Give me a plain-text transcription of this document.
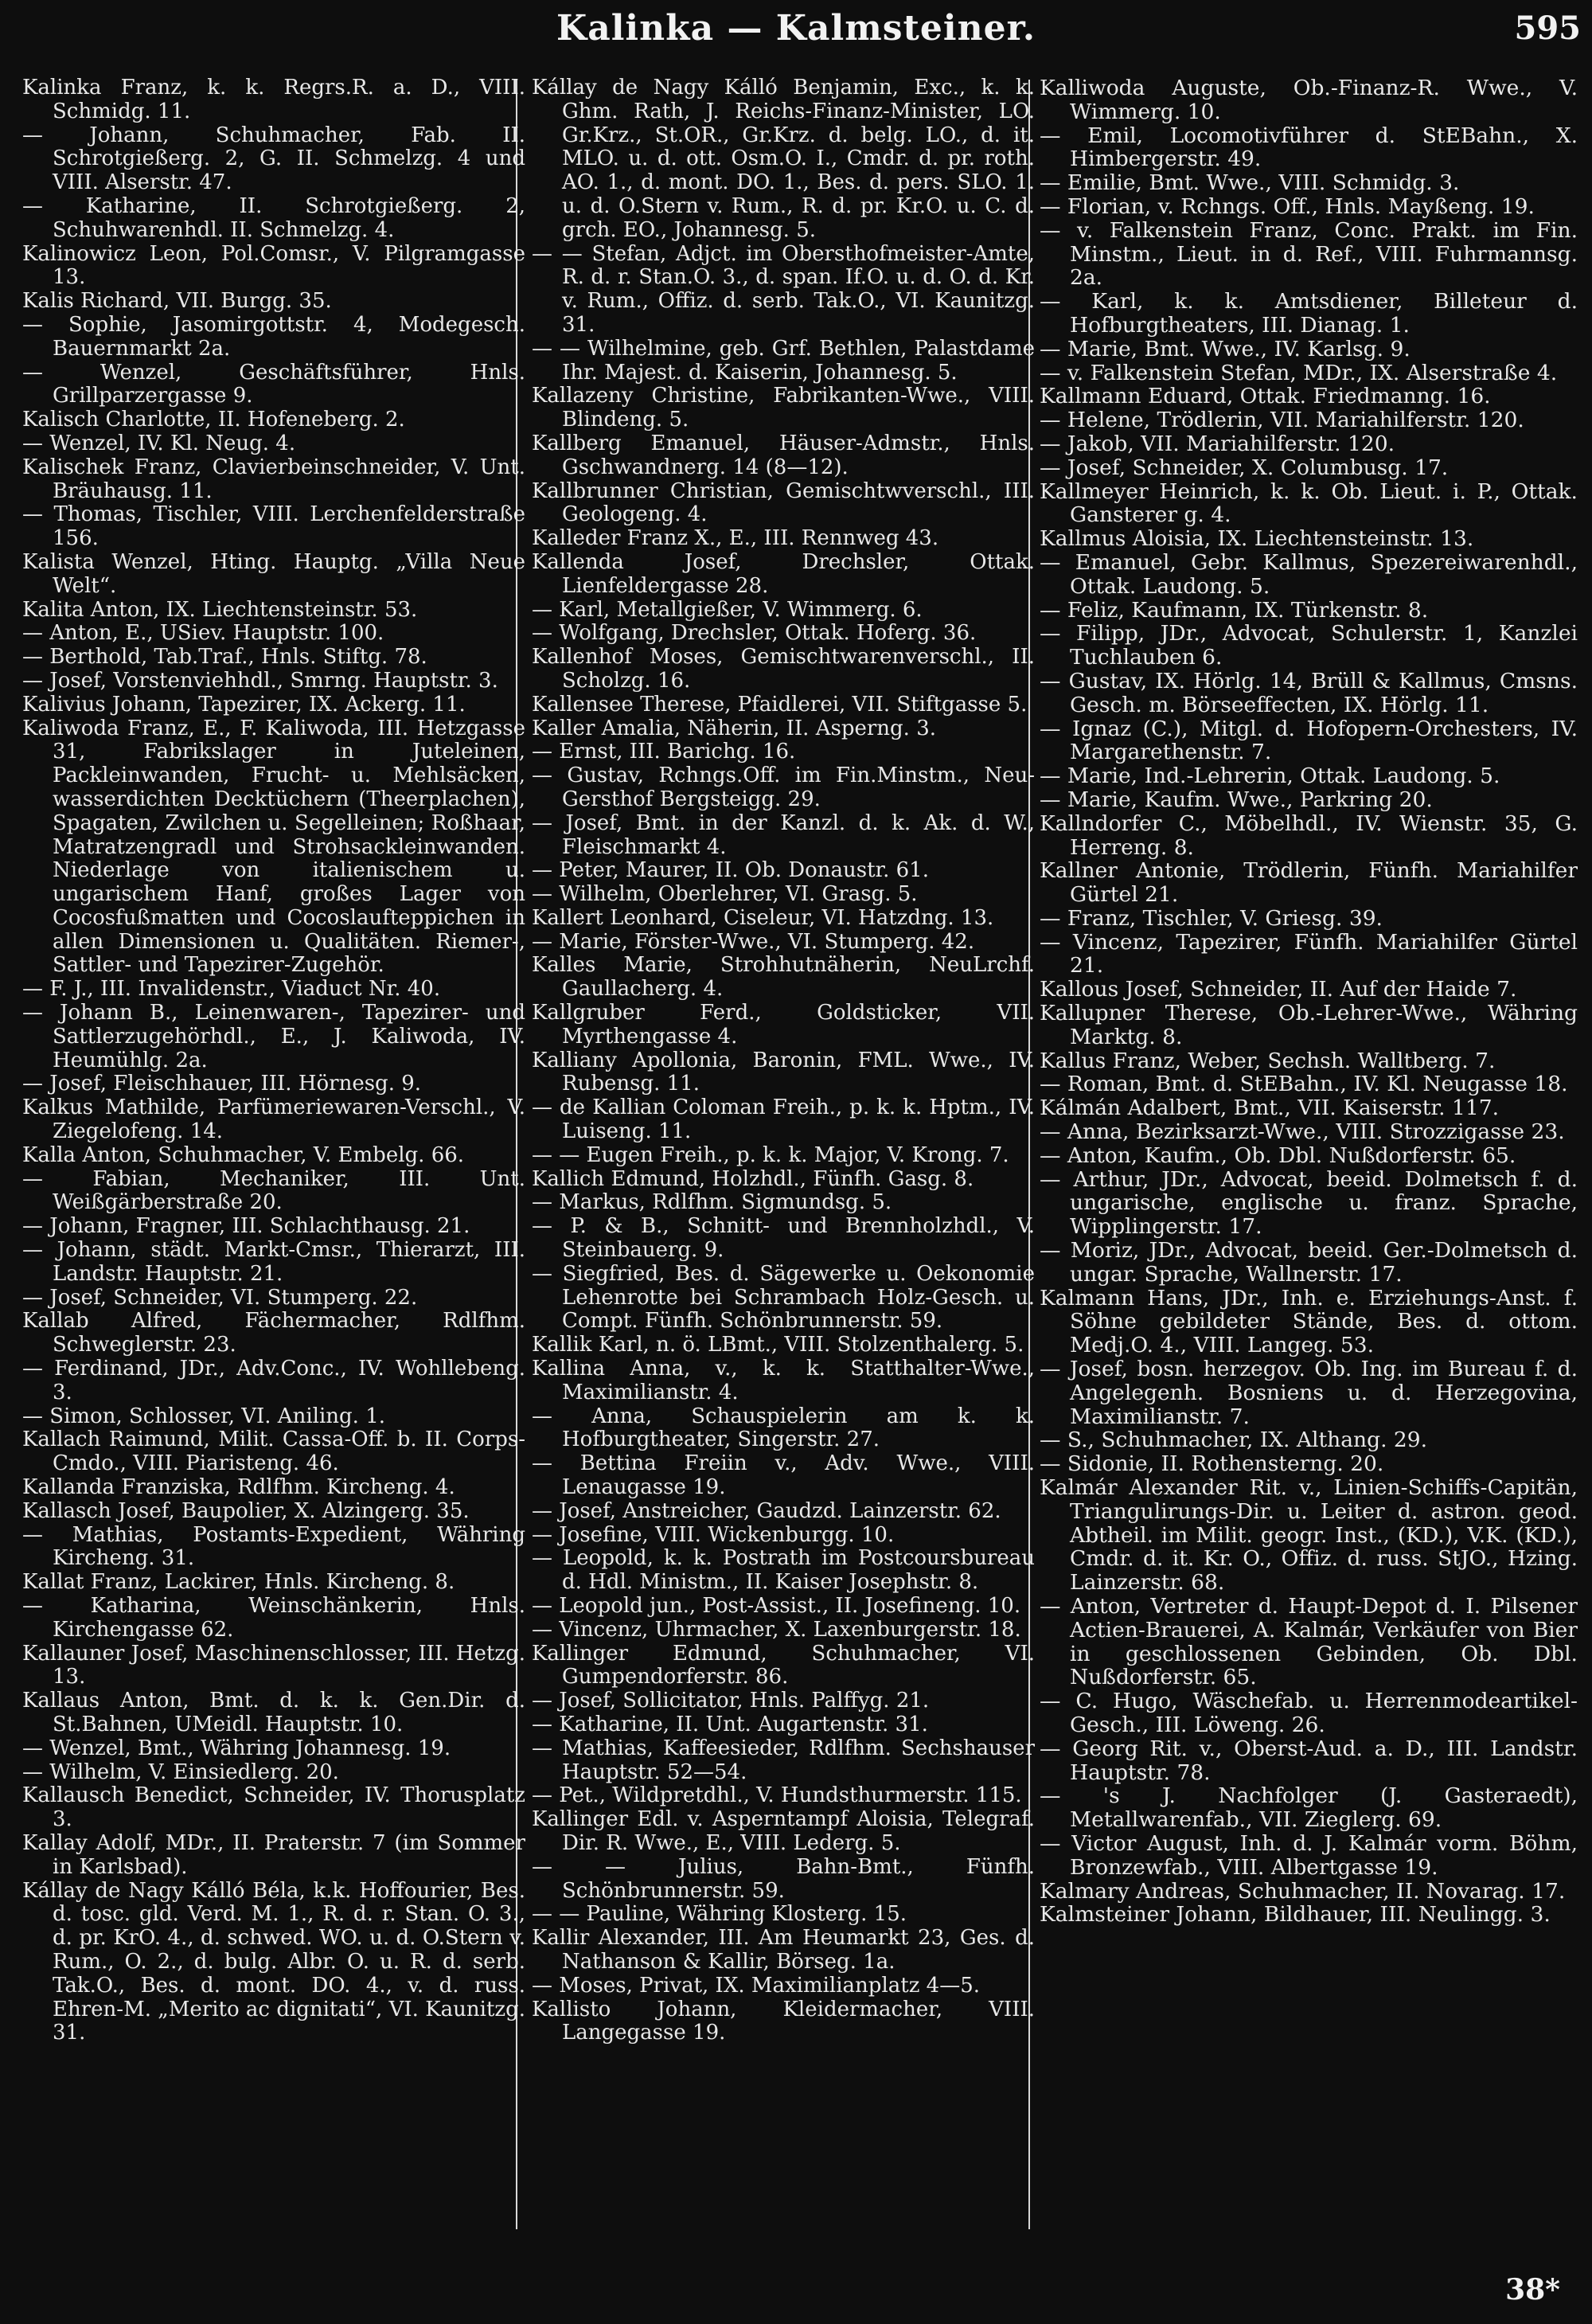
Kalinka — Kalmsteiner.	595

Kalinka Franz, k. k. Regrs.R. a. D., VIII. Schmidg. 11.

— Johann, Schuhmacher, Fab. II. Schrotgießerg. 2, G. II. Schmelzg. 4 und VIII. Alserstr. 47.

— Katharine, II. Schrotgießerg. 2, Schuhwarenhdl. II. Schmelzg. 4.

Kalinowicz Leon, Pol.Comsr., V. Pilgramgasse 13.

Kalis Richard, VII. Burgg. 35.

— Sophie, Jasomirgottstr. 4, Modegesch. Bauernmarkt 2a.

— Wenzel, Geschäftsführer, Hnls. Grillparzergasse 9.

Kalisch Charlotte, II. Hofeneberg. 2.

— Wenzel, IV. Kl. Neug. 4.

Kalischek Franz, Clavierbeinschneider, V. Unt. Bräuhausg. 11.

— Thomas, Tischler, VIII. Lerchenfelderstraße 156.

Kalista Wenzel, Hting. Hauptg. „Villa Neue Welt“.

Kalita Anton, IX. Liechtensteinstr. 53.

— Anton, E., USiev. Hauptstr. 100.

— Berthold, Tab.Traf., Hnls. Stiftg. 78.

— Josef, Vorstenviehhdl., Smrng. Hauptstr. 3.

Kalivius Johann, Tapezirer, IX. Ackerg. 11.

Kaliwoda Franz, E., F. Kaliwoda, III. Hetzgasse 31, Fabrikslager in Juteleinen, Packleinwanden, Frucht- u. Mehlsäcken, wasserdichten Decktüchern (Theerplachen), Spagaten, Zwilchen u. Segelleinen; Roßhaar, Matratzengradl und Strohsackleinwanden. Niederlage von italienischem u. ungarischem Hanf, großes Lager von Cocosfußmatten und Cocoslaufteppichen in allen Dimensionen u. Qualitäten. Riemer-, Sattler- und Tapezirer-Zugehör.

— F. J., III. Invalidenstr., Viaduct Nr. 40.

— Johann B., Leinenwaren-, Tapezirer- und Sattlerzugehörhdl., E., J. Kaliwoda, IV. Heumühlg. 2a.

— Josef, Fleischhauer, III. Hörnesg. 9.

Kalkus Mathilde, Parfümeriewaren-Verschl., V. Ziegelofeng. 14.

Kalla Anton, Schuhmacher, V. Embelg. 66.

— Fabian, Mechaniker, III. Unt. Weißgärberstraße 20.

— Johann, Fragner, III. Schlachthausg. 21.

— Johann, städt. Markt-Cmsr., Thierarzt, III. Landstr. Hauptstr. 21.

— Josef, Schneider, VI. Stumperg. 22.

Kallab Alfred, Fächermacher, Rdlfhm. Schweglerstr. 23.

— Ferdinand, JDr., Adv.Conc., IV. Wohllebeng. 3.

— Simon, Schlosser, VI. Aniling. 1.

Kallach Raimund, Milit. Cassa-Off. b. II. Corps-Cmdo., VIII. Piaristeng. 46.

Kallanda Franziska, Rdlfhm. Kircheng. 4.

Kallasch Josef, Baupolier, X. Alzingerg. 35.

— Mathias, Postamts-Expedient, Währing Kircheng. 31.

Kallat Franz, Lackirer, Hnls. Kircheng. 8.

— Katharina, Weinschänkerin, Hnls. Kirchengasse 62.

Kallauner Josef, Maschinenschlosser, III. Hetzg. 13.

Kallaus Anton, Bmt. d. k. k. Gen.Dir. d. St.Bahnen, UMeidl. Hauptstr. 10.

— Wenzel, Bmt., Währing Johannesg. 19.

— Wilhelm, V. Einsiedlerg. 20.

Kallausch Benedict, Schneider, IV. Thorusplatz 3.

Kallay Adolf, MDr., II. Praterstr. 7 (im Sommer in Karlsbad).

Kállay de Nagy Kálló Béla, k.k. Hoffourier, Bes. d. tosc. gld. Verd. M. 1., R. d. r. Stan. O. 3., d. pr. KrO. 4., d. schwed. WO. u. d. O.Stern v. Rum., O. 2., d. bulg. Albr. O. u. R. d. serb. Tak.O., Bes. d. mont. DO. 4., v. d. russ. Ehren-M. „Merito ac dignitati“, VI. Kaunitzg. 31.

Kállay de Nagy Kálló Benjamin, Exc., k. k. Ghm. Rath, J. Reichs-Finanz-Minister, LO. Gr.Krz., St.OR., Gr.Krz. d. belg. LO., d. it. MLO. u. d. ott. Osm.O. I., Cmdr. d. pr. roth. AO. 1., d. mont. DO. 1., Bes. d. pers. SLO. 1. u. d. O.Stern v. Rum., R. d. pr. Kr.O. u. C. d. grch. EO., Johannesg. 5.

— — Stefan, Adjct. im Obersthofmeister-Amte, R. d. r. Stan.O. 3., d. span. If.O. u. d. O. d. Kr. v. Rum., Offiz. d. serb. Tak.O., VI. Kaunitzg. 31.

— — Wilhelmine, geb. Grf. Bethlen, Palastdame Ihr. Majest. d. Kaiserin, Johannesg. 5.

Kallazeny Christine, Fabrikanten-Wwe., VIII. Blindeng. 5.

Kallberg Emanuel, Häuser-Admstr., Hnls. Gschwandnerg. 14 (8—12).

Kallbrunner Christian, Gemischtwverschl., III. Geologeng. 4.

Kalleder Franz X., E., III. Rennweg 43.

Kallenda Josef, Drechsler, Ottak. Lienfeldergasse 28.

— Karl, Metallgießer, V. Wimmerg. 6.

— Wolfgang, Drechsler, Ottak. Hoferg. 36.

Kallenhof Moses, Gemischtwarenverschl., II. Scholzg. 16.

Kallensee Therese, Pfaidlerei, VII. Stiftgasse 5.

Kaller Amalia, Näherin, II. Asperng. 3.

— Ernst, III. Barichg. 16.

— Gustav, Rchngs.Off. im Fin.Minstm., Neu-Gersthof Bergsteigg. 29.

— Josef, Bmt. in der Kanzl. d. k. Ak. d. W., Fleischmarkt 4.

— Peter, Maurer, II. Ob. Donaustr. 61.

— Wilhelm, Oberlehrer, VI. Grasg. 5.

Kallert Leonhard, Ciseleur, VI. Hatzdng. 13.

— Marie, Förster-Wwe., VI. Stumperg. 42.

Kalles Marie, Strohhutnäherin, NeuLrchf. Gaullacherg. 4.

Kallgruber Ferd., Goldsticker, VII. Myrthengasse 4.

Kalliany Apollonia, Baronin, FML. Wwe., IV. Rubensg. 11.

— de Kallian Coloman Freih., p. k. k. Hptm., IV. Luiseng. 11.

— — Eugen Freih., p. k. k. Major, V. Krong. 7.

Kallich Edmund, Holzhdl., Fünfh. Gasg. 8.

— Markus, Rdlfhm. Sigmundsg. 5.

— P. & B., Schnitt- und Brennholzhdl., V. Steinbauerg. 9.

— Siegfried, Bes. d. Sägewerke u. Oekonomie Lehenrotte bei Schrambach Holz-Gesch. u. Compt. Fünfh. Schönbrunnerstr. 59.

Kallik Karl, n. ö. LBmt., VIII. Stolzenthalerg. 5.

Kallina Anna, v., k. k. Statthalter-Wwe., Maximilianstr. 4.

— Anna, Schauspielerin am k. k. Hofburgtheater, Singerstr. 27.

— Bettina Freiin v., Adv. Wwe., VIII. Lenaugasse 19.

— Josef, Anstreicher, Gaudzd. Lainzerstr. 62.

— Josefine, VIII. Wickenburgg. 10.

— Leopold, k. k. Postrath im Postcoursbureau d. Hdl. Ministm., II. Kaiser Josephstr. 8.

— Leopold jun., Post-Assist., II. Josefineng. 10.

— Vincenz, Uhrmacher, X. Laxenburgerstr. 18.

Kallinger Edmund, Schuhmacher, VI. Gumpendorferstr. 86.

— Josef, Sollicitator, Hnls. Palffyg. 21.

— Katharine, II. Unt. Augartenstr. 31.

— Mathias, Kaffeesieder, Rdlfhm. Sechshauser Hauptstr. 52—54.

— Pet., Wildpretdhl., V. Hundsthurmerstr. 115.

Kallinger Edl. v. Asperntampf Aloisia, Telegraf. Dir. R. Wwe., E., VIII. Lederg. 5.

— — Julius, Bahn-Bmt., Fünfh. Schönbrunnerstr. 59.

— — Pauline, Währing Klosterg. 15.

Kallir Alexander, III. Am Heumarkt 23, Ges. d. Nathanson & Kallir, Börseg. 1a.

— Moses, Privat, IX. Maximilianplatz 4—5.

Kallisto Johann, Kleidermacher, VIII. Langegasse 19.

Kalliwoda Auguste, Ob.-Finanz-R. Wwe., V. Wimmerg. 10.

— Emil, Locomotivführer d. StEBahn., X. Himbergerstr. 49.

— Emilie, Bmt. Wwe., VIII. Schmidg. 3.

— Florian, v. Rchngs. Off., Hnls. Mayßeng. 19.

— v. Falkenstein Franz, Conc. Prakt. im Fin. Minstm., Lieut. in d. Ref., VIII. Fuhrmannsg. 2a.

— Karl, k. k. Amtsdiener, Billeteur d. Hofburgtheaters, III. Dianag. 1.

— Marie, Bmt. Wwe., IV. Karlsg. 9.

— v. Falkenstein Stefan, MDr., IX. Alserstraße 4.

Kallmann Eduard, Ottak. Friedmanng. 16.

— Helene, Trödlerin, VII. Mariahilferstr. 120.

— Jakob, VII. Mariahilferstr. 120.

— Josef, Schneider, X. Columbusg. 17.

Kallmeyer Heinrich, k. k. Ob. Lieut. i. P., Ottak. Gansterer g. 4.

Kallmus Aloisia, IX. Liechtensteinstr. 13.

— Emanuel, Gebr. Kallmus, Spezereiwarenhdl., Ottak. Laudong. 5.

— Feliz, Kaufmann, IX. Türkenstr. 8.

— Filipp, JDr., Advocat, Schulerstr. 1, Kanzlei Tuchlauben 6.

— Gustav, IX. Hörlg. 14, Brüll & Kallmus, Cmsns. Gesch. m. Börseeffecten, IX. Hörlg. 11.

— Ignaz (C.), Mitgl. d. Hofopern-Orchesters, IV. Margarethenstr. 7.

— Marie, Ind.-Lehrerin, Ottak. Laudong. 5.

— Marie, Kaufm. Wwe., Parkring 20.

Kallndorfer C., Möbelhdl., IV. Wienstr. 35, G. Herreng. 8.

Kallner Antonie, Trödlerin, Fünfh. Mariahilfer Gürtel 21.

— Franz, Tischler, V. Griesg. 39.

— Vincenz, Tapezirer, Fünfh. Mariahilfer Gürtel 21.

Kallous Josef, Schneider, II. Auf der Haide 7.

Kallupner Therese, Ob.-Lehrer-Wwe., Währing Marktg. 8.

Kallus Franz, Weber, Sechsh. Walltberg. 7.

— Roman, Bmt. d. StEBahn., IV. Kl. Neugasse 18.

Kálmán Adalbert, Bmt., VII. Kaiserstr. 117.

— Anna, Bezirksarzt-Wwe., VIII. Strozzigasse 23.

— Anton, Kaufm., Ob. Dbl. Nußdorferstr. 65.

— Arthur, JDr., Advocat, beeid. Dolmetsch f. d. ungarische, englische u. franz. Sprache, Wipplingerstr. 17.

— Moriz, JDr., Advocat, beeid. Ger.-Dolmetsch d. ungar. Sprache, Wallnerstr. 17.

Kalmann Hans, JDr., Inh. e. Erziehungs-Anst. f. Söhne gebildeter Stände, Bes. d. ottom. Medj.O. 4., VIII. Langeg. 53.

— Josef, bosn. herzegov. Ob. Ing. im Bureau f. d. Angelegenh. Bosniens u. d. Herzegovina, Maximilianstr. 7.

— S., Schuhmacher, IX. Althang. 29.

— Sidonie, II. Rothensterng. 20.

Kalmár Alexander Rit. v., Linien-Schiffs-Capitän, Triangulirungs-Dir. u. Leiter d. astron. geod. Abtheil. im Milit. geogr. Inst., (KD.), V.K. (KD.), Cmdr. d. it. Kr. O., Offiz. d. russ. StJO., Hzing. Lainzerstr. 68.

— Anton, Vertreter d. Haupt-Depot d. I. Pilsener Actien-Brauerei, A. Kalmár, Verkäufer von Bier in geschlossenen Gebinden, Ob. Dbl. Nußdorferstr. 65.

— C. Hugo, Wäschefab. u. Herrenmodeartikel-Gesch., III. Löweng. 26.

— Georg Rit. v., Oberst-Aud. a. D., III. Landstr. Hauptstr. 78.

— 's J. Nachfolger (J. Gasteraedt), Metallwarenfab., VII. Zieglerg. 69.

— Victor August, Inh. d. J. Kalmár vorm. Böhm, Bronzewfab., VIII. Albertgasse 19.

Kalmary Andreas, Schuhmacher, II. Novarag. 17.

Kalmsteiner Johann, Bildhauer, III. Neulingg. 3.

38*
